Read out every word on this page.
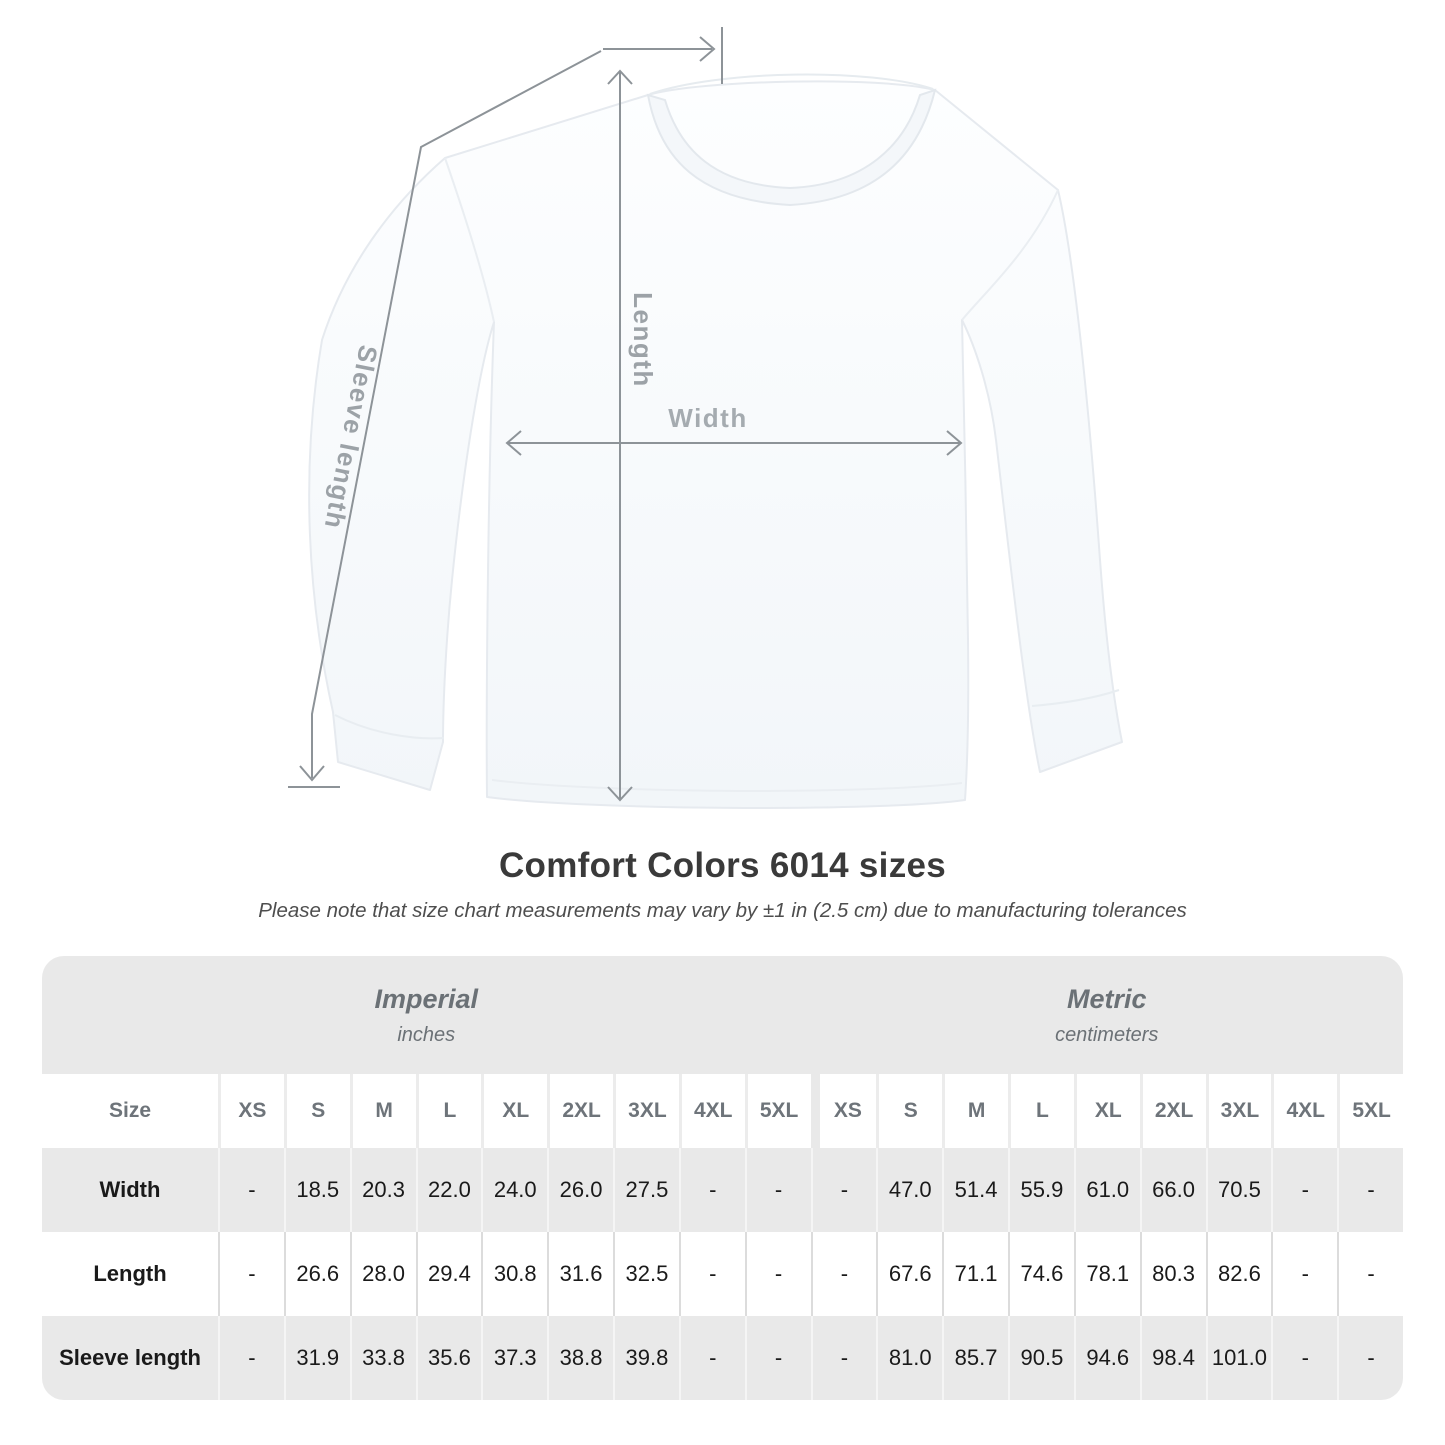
Length
Width
Sleeve length
Comfort Colors 6014 sizes
Please note that size chart measurements may vary by ±1 in (2.5 cm) due to manufacturing tolerances
Imperial
inches
Metric
centimeters
Size	XS	S	M	L	XL	2XL	3XL	4XL	5XL	XS	S	M	L	XL	2XL	3XL	4XL	5XL
Width	-	18.5	20.3	22.0	24.0	26.0	27.5	-	-	-	47.0	51.4	55.9	61.0	66.0	70.5	-	-
Length	-	26.6	28.0	29.4	30.8	31.6	32.5	-	-	-	67.6	71.1	74.6	78.1	80.3	82.6	-	-
Sleeve length	-	31.9	33.8	35.6	37.3	38.8	39.8	-	-	-	81.0	85.7	90.5	94.6	98.4 101.0	-	-
